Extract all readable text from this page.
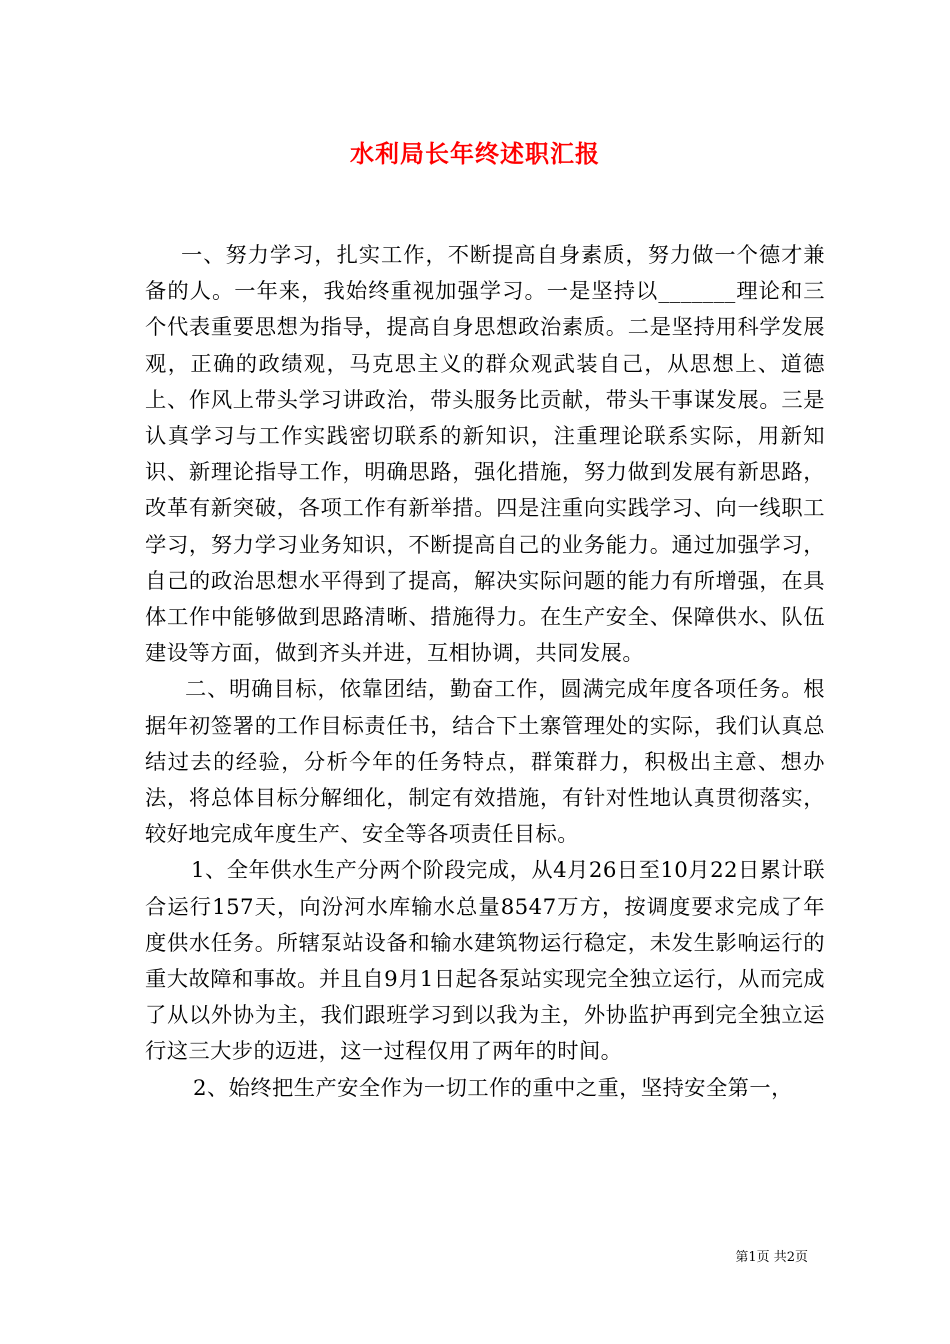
水利局长年终述职汇报

一、努力学习，扎实工作，不断提高自身素质，努力做一个德才兼备的人。一年来，我始终重视加强学习。一是坚持以_______理论和三个代表重要思想为指导，提高自身思想政治素质。二是坚持用科学发展观，正确的政绩观，马克思主义的群众观武装自己，从思想上、道德上、作风上带头学习讲政治，带头服务比贡献，带头干事谋发展。三是认真学习与工作实践密切联系的新知识，注重理论联系实际，用新知识、新理论指导工作，明确思路，强化措施，努力做到发展有新思路，改革有新突破，各项工作有新举措。四是注重向实践学习、向一线职工学习，努力学习业务知识，不断提高自己的业务能力。通过加强学习，自己的政治思想水平得到了提高，解决实际问题的能力有所增强，在具体工作中能够做到思路清晰、措施得力。在生产安全、保障供水、队伍建设等方面，做到齐头并进，互相协调，共同发展。

二、明确目标，依靠团结，勤奋工作，圆满完成年度各项任务。根据年初签署的工作目标责任书，结合下土寨管理处的实际，我们认真总结过去的经验，分析今年的任务特点，群策群力，积极出主意、想办法，将总体目标分解细化，制定有效措施，有针对性地认真贯彻落实，较好地完成年度生产、安全等各项责任目标。

1、全年供水生产分两个阶段完成，从4月26日至10月22日累计联合运行157天，向汾河水库输水总量8547万方，按调度要求完成了年度供水任务。所辖泵站设备和输水建筑物运行稳定，未发生影响运行的重大故障和事故。并且自9月1日起各泵站实现完全独立运行，从而完成了从以外协为主，我们跟班学习到以我为主，外协监护再到完全独立运行这三大步的迈进，这一过程仅用了两年的时间。

2、始终把生产安全作为一切工作的重中之重，坚持安全第一，

第1页 共2页
